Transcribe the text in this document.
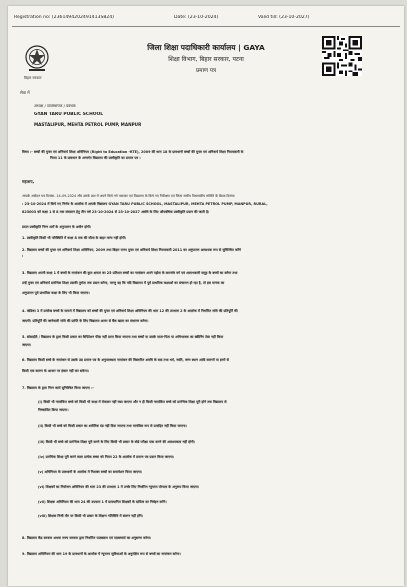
Registration no: (2361494202491413S824)	Date: (23-10-2024)	Valid till: (23-10-2027)
बिहार सरकार
जिला शिक्षा पदाधिकारी कार्यालय | GAYA
शिक्षा विभाग, बिहार सरकार, पटना
प्रमाण पत्र
सेवा में
अध्यक्ष / व्यवस्थापक / प्रबंधक
GYAN TARU PUBLIC SCHOOL
MASTALIPUR, MEHTA PETROL PUMP, MANPUR
विषय :- बच्चों की मुफ्त एवं अनिवार्य शिक्षा अधिनियम (Right to Education -RTE), 2009 की धारा 18 के प्रावधानों बच्चों की मुफ्त एवं अनिवार्य शिक्षा नियमावली के
नियम 11 के प्रावधान के अन्तर्गत विद्यालय की प्रस्वीकृति का प्रमाण पत्र ।
महाशय,
आपके आवेदन पत्र दिनांक- 14-09-2024 और उसके क्रम में अपने किये गये पत्राचार एवं विद्यालय के किये गए निरीक्षण एवं जिला स्तरीय विधायकीय समिति के बैठक दिनांक
: 23-10-2024 में किये गए निर्णय के आलोक में आपके विद्यालय GYAN TARU PUBLIC SCHOOL, MASTALIPUR, MEHTA PETROL PUMP, MANPUR, RURAL,
823003 को कक्षा 1 से 8 तक संचालन हेतु तीन वर्ष 23-10-2024 से 23-10-2027 अवधि के लिए औपबंधिक प्रस्वीकृति प्रदान की जाती है।
प्रदान प्रस्वीकृति निम्न शर्तों के अनुपालन के अधीन होगी।
1. प्रस्वीकृति किसी भी परिस्थिति में कक्षा 8 तक की सीमा के बाहर मान्य नहीं होगी।
2. विद्यालय बच्चों की मुफ्त एवं अनिवार्य शिक्षा अधिनियम, 2009 तथा बिहार राज्य मुफ्त एवं अनिवार्य शिक्षा नियमावली 2011 का अनुपालन आवश्यक रूप से सुनिश्चित करेंगे
।
3. विद्यालय अपनी कक्षा 1 में बच्चों के नामांकन की कुल क्षमता का 25 प्रतिशत बच्चों का नामांकन अपने पड़ोस के कमजोर वर्ग एवं अलाभकारी समूह के बच्चों का करेगा तथा
उन्हें मुफ्त एवं अनिवार्य प्रारंभिक शिक्षा उसकी पूर्णता तक प्रदान करेगा, परन्तु यह कि यदि विद्यालय में पूर्व प्राथमिक कक्षाओं का संचालन हो रहा है, तो इस मानक का
अनुपालन पूर्व प्राथमिक कक्षा के लिए भी किया जाएगा।
4. कंडिका 3 में उल्लेख बच्चों के मामले में विद्यालय को बच्चों की मुफ्त एवं अनिवार्य शिक्षा अधिनियम की धारा 12 की उपधारा 2 के आलोक में निर्धारित राशि की प्रतिपूर्ति की
जाएगी। प्रतिपूर्ति की जानेवाली राशि की प्राप्ति के लिए विद्यालय अलग से बैंक खाता का संधारण करेगा।
5. सोसाईटी / विद्यालय के द्वारा किसी प्रकार का कैपिटेशन फीस नहीं प्राप्त किया जाएगा तथा बच्चों या उसके माता-पिता या अभिभावक का स्क्रीनिंग टेस्ट नहीं किया
जाएगा।
6. विद्यालय किसी बच्चे के नामांकन से उसके उम्र प्रमाण पत्र के अनुपलब्धता नामांकन की विस्तारित अवधि के बाद तथा धर्म, जाति, जन्म स्थान आदि कारणों या इनमें से
किसी एक कारण के आधार पर इंकार नहीं कर सकेगा।
7. विद्यालय के द्वारा निम्न कार्य सुनिश्चित किया जाएगा :-
(i) किसी भी नामांकित बच्चे को किसी भी कक्षा में रोककर नहीं रखा जाएगा और न ही किसी नामांकित बच्चे को प्रारंभिक शिक्षा पूरी होने तक विद्यालय से
निष्कासित किया जाएगा।
(ii) किसी भी बच्चे को किसी प्रकार का शारीरिक दंड नहीं दिया जाएगा तथा मानसिक रूप से प्रताड़ित नहीं किया जाएगा।
(iii) किसी भी बच्चे को प्रारंभिक शिक्षा पूरी करने के लिए किसी भी प्रकार के बोर्ड परीक्षा पास करने की आवश्यकता नहीं होगी।
(iv) प्रारंभिक शिक्षा पूरी करने वाला प्रत्येक बच्चा को नियम 22 के आलोक में प्रमाण पत्र प्रदान किया जाएगा।
(v) अधिनियम के प्रावधानों के आलोक में निशक्त बच्चों का समावेशन किया जाएगा।
(vi) शिक्षकों का नियोजन अधिनियम की धारा 23 की उपधारा 1 में उनके लिए निर्धारित न्यूनतम योग्यता के अनुरूप किया जाएगा।
(vii) शिक्षक अधिनियम की धारा 24 की उपधारा 1 में प्रावधानित शिक्षकों के दायित्व का निर्वहन करेंगे।
(viii) शिक्षक निजी तौर पर किसी भी प्रकार के शिक्षण गतिविधि में संलग्न नहीं होंगे।
8. विद्यालय केंद्र सरकार अथवा राज्य सरकार द्वारा निर्धारित पाठ्यक्रम एवं पाठ्यचर्या का अनुसरण करेगा।
9. विद्यालय अधिनियम की धारा 19 के प्रावधानों के आलोक में न्यूनतम सुविधाओं के अनुरक्षित रूप से बच्चों का नामांकन करेगा।
